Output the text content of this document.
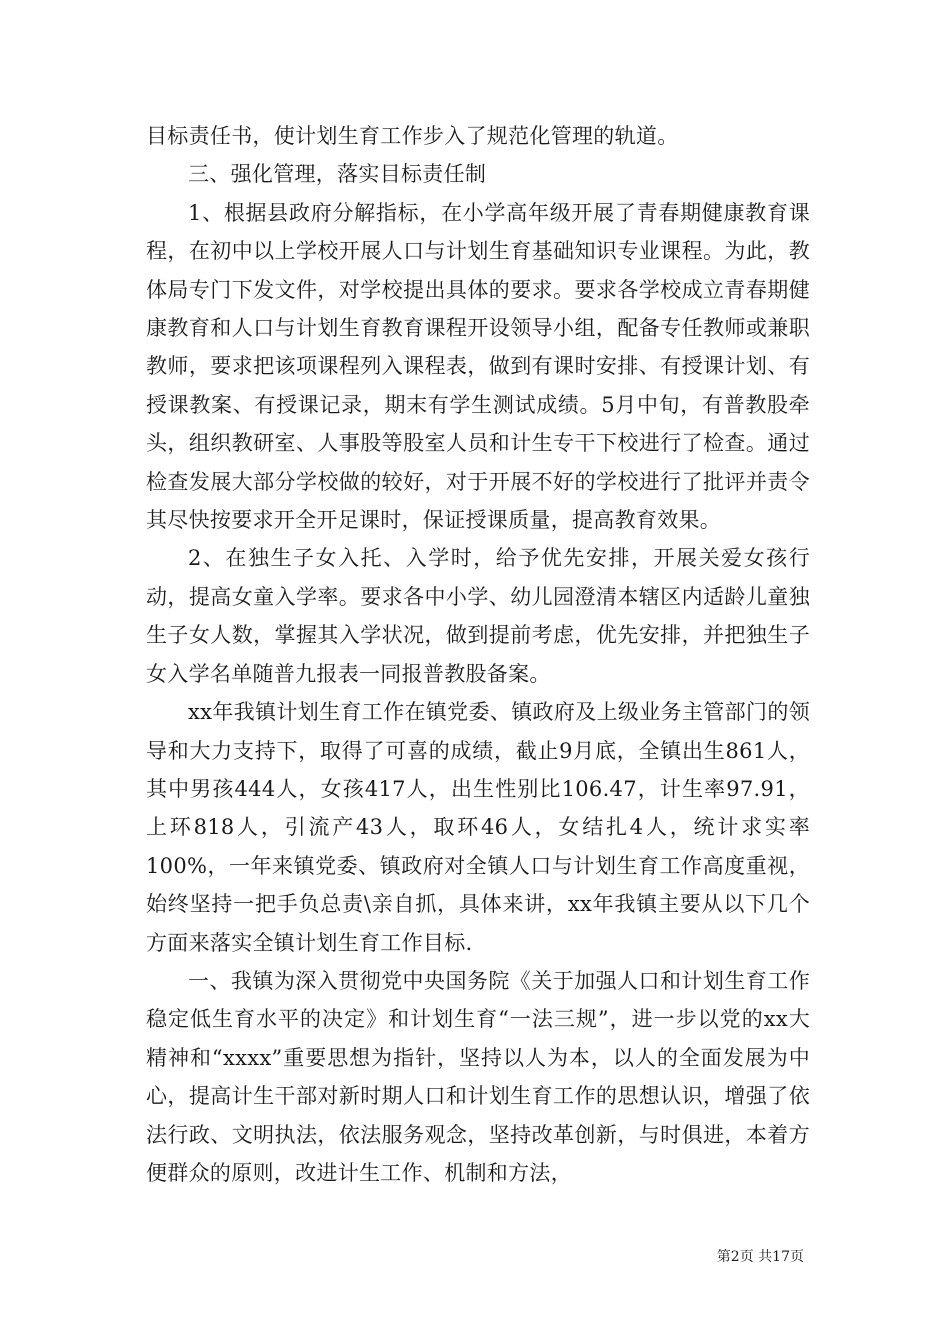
目标责任书，使计划生育工作步入了规范化管理的轨道。

三、强化管理，落实目标责任制

1、根据县政府分解指标，在小学高年级开展了青春期健康教育课程，在初中以上学校开展人口与计划生育基础知识专业课程。为此，教体局专门下发文件，对学校提出具体的要求。要求各学校成立青春期健康教育和人口与计划生育教育课程开设领导小组，配备专任教师或兼职教师，要求把该项课程列入课程表，做到有课时安排、有授课计划、有授课教案、有授课记录，期末有学生测试成绩。5月中旬，有普教股牵头，组织教研室、人事股等股室人员和计生专干下校进行了检查。通过检查发展大部分学校做的较好，对于开展不好的学校进行了批评并责令其尽快按要求开全开足课时，保证授课质量，提高教育效果。

2、在独生子女入托、入学时，给予优先安排，开展关爱女孩行动，提高女童入学率。要求各中小学、幼儿园澄清本辖区内适龄儿童独生子女人数，掌握其入学状况，做到提前考虑，优先安排，并把独生子女入学名单随普九报表一同报普教股备案。

xx年我镇计划生育工作在镇党委、镇政府及上级业务主管部门的领导和大力支持下，取得了可喜的成绩，截止9月底，全镇出生861人，其中男孩444人，女孩417人，出生性别比106.47，计生率97.91，上环818人，引流产43人，取环46人，女结扎4人，统计求实率100%，一年来镇党委、镇政府对全镇人口与计划生育工作高度重视，始终坚持一把手负总责\亲自抓，具体来讲，xx年我镇主要从以下几个方面来落实全镇计划生育工作目标.

一、我镇为深入贯彻党中央国务院《关于加强人口和计划生育工作稳定低生育水平的决定》和计划生育“一法三规”，进一步以党的xx大精神和“xxxx”重要思想为指针，坚持以人为本，以人的全面发展为中心，提高计生干部对新时期人口和计划生育工作的思想认识，增强了依法行政、文明执法，依法服务观念，坚持改革创新，与时俱进，本着方便群众的原则，改进计生工作、机制和方法，

第2页 共17页
